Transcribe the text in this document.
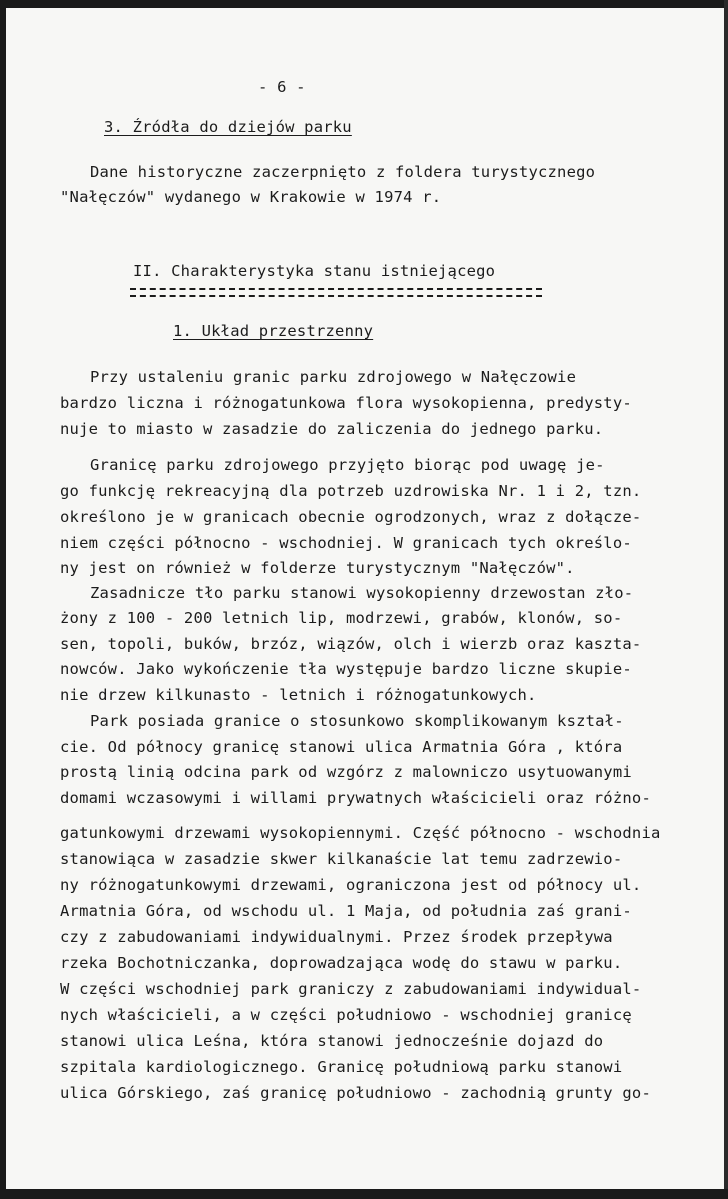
- 6 -
3. Źródła do dziejów parku
Dane historyczne zaczerpnięto z foldera turystycznego
"Nałęczów" wydanego w Krakowie w 1974 r.
II. Charakterystyka stanu istniejącego
1. Układ przestrzenny
Przy ustaleniu granic parku zdrojowego w Nałęczowie
bardzo liczna i różnogatunkowa flora wysokopienna, predysty-
nuje to miasto w zasadzie do zaliczenia do jednego parku.
Granicę parku zdrojowego przyjęto biorąc pod uwagę je-
go funkcję rekreacyjną dla potrzeb uzdrowiska Nr. 1 i 2, tzn.
określono je w granicach obecnie ogrodzonych, wraz z dołącze-
niem części północno - wschodniej. W granicach tych określo-
ny jest on również w folderze turystycznym "Nałęczów".
Zasadnicze tło parku stanowi wysokopienny drzewostan zło-
żony z 100 - 200 letnich lip, modrzewi, grabów, klonów, so-
sen, topoli, buków, brzóz, wiązów, olch i wierzb oraz kaszta-
nowców. Jako wykończenie tła występuje bardzo liczne skupie-
nie drzew kilkunasto - letnich i różnogatunkowych.
Park posiada granice o stosunkowo skomplikowanym kształ-
cie. Od północy granicę stanowi ulica Armatnia Góra , która
prostą linią odcina park od wzgórz z malowniczo usytuowanymi
domami wczasowymi i willami prywatnych właścicieli oraz różno-
gatunkowymi drzewami wysokopiennymi. Część północno - wschodnia
stanowiąca w zasadzie skwer kilkanaście lat temu zadrzewio-
ny różnogatunkowymi drzewami, ograniczona jest od północy ul.
Armatnia Góra, od wschodu ul. 1 Maja, od południa zaś grani-
czy z zabudowaniami indywidualnymi. Przez środek przepływa
rzeka Bochotniczanka, doprowadzająca wodę do stawu w parku.
W części wschodniej park graniczy z zabudowaniami indywidual-
nych właścicieli, a w części południowo - wschodniej granicę
stanowi ulica Leśna, która stanowi jednocześnie dojazd do
szpitala kardiologicznego. Granicę południową parku stanowi
ulica Górskiego, zaś granicę południowo - zachodnią grunty go-
